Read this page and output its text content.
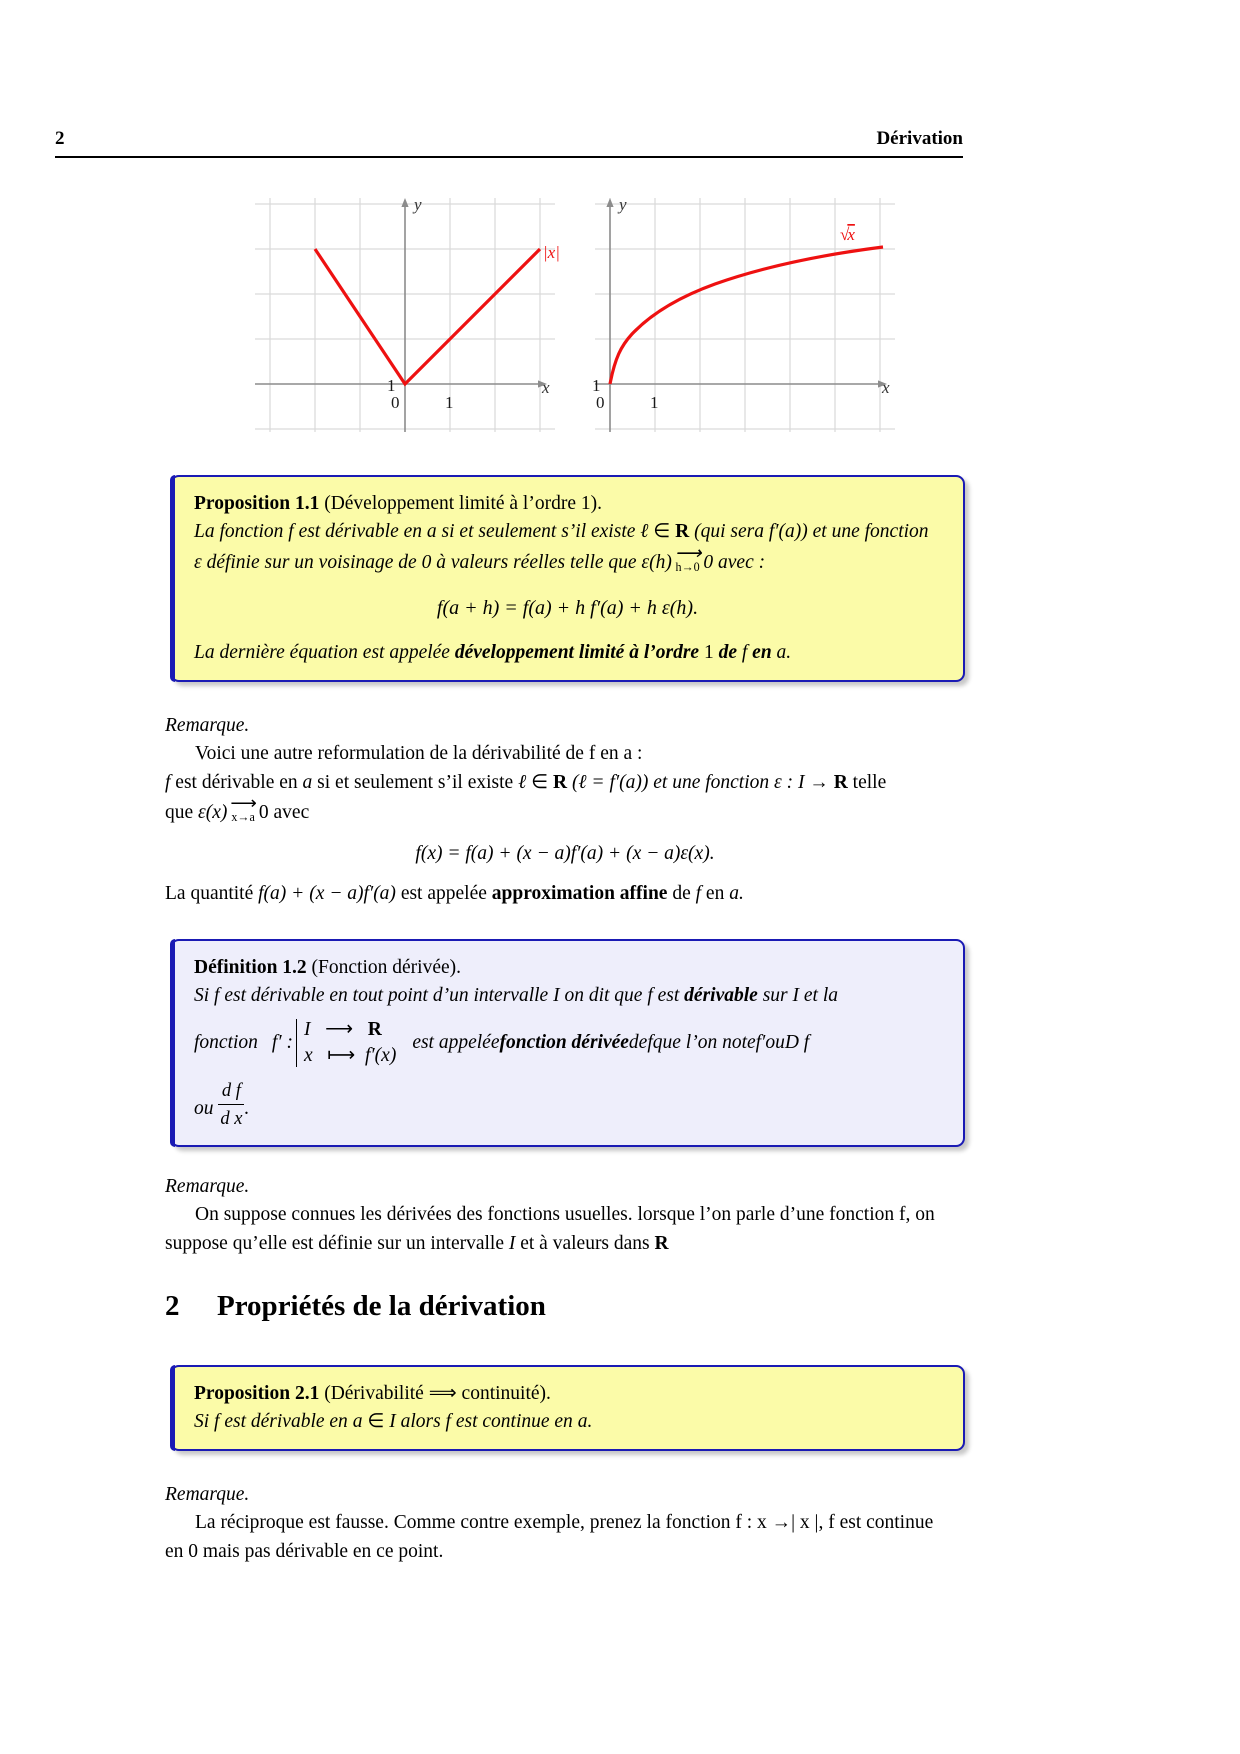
2	Dérivation
y
x
1
0	1
|x|
y
x
1
0	1
√x
Proposition 1.1 (Développement limité à l’ordre 1).
La fonction f est dérivable en a si et seulement s’il existe ℓ ∈ R (qui sera f′(a)) et une fonction ε définie sur un voisinage de 0 à valeurs réelles telle que ε(h) ⟶
h→0 0 avec :
f(a + h) = f(a) + h f′(a) + h ε(h).
La dernière équation est appelée développement limité à l’ordre 1 de f en a.
Remarque.
Voici une autre reformulation de la dérivabilité de f en a :
f est dérivable en a si et seulement s’il existe ℓ ∈ R (ℓ = f′(a)) et une fonction ε : I → R telle
que ε(x) ⟶
x→a 0 avec
f(x) = f(a) + (x − a)f′(a) + (x − a)ε(x).
La quantité f(a) + (x − a)f′(a) est appelée approximation affine de f en a.
Définition 1.2 (Fonction dérivée).
Si f est dérivable en tout point d’un intervalle I on dit que f est dérivable sur I et la
fonction f′ :
I ⟶ R
x ⟼ f′(x)
est appelée fonction dérivée de f que l’on note f′ ou D f
ou $\frac{\text{d f}}{\text{d x}}$ .
Remarque.
On suppose connues les dérivées des fonctions usuelles. lorsque l’on parle d’une fonction f, on
suppose qu’elle est définie sur un intervalle I et à valeurs dans R
2 Propriétés de la dérivation
Proposition 2.1 (Dérivabilité ⟹ continuité).
Si f est dérivable en a ∈ I alors f est continue en a.
Remarque.
La réciproque est fausse. Comme contre exemple, prenez la fonction f : x →| x |, f est continue
en 0 mais pas dérivable en ce point.
